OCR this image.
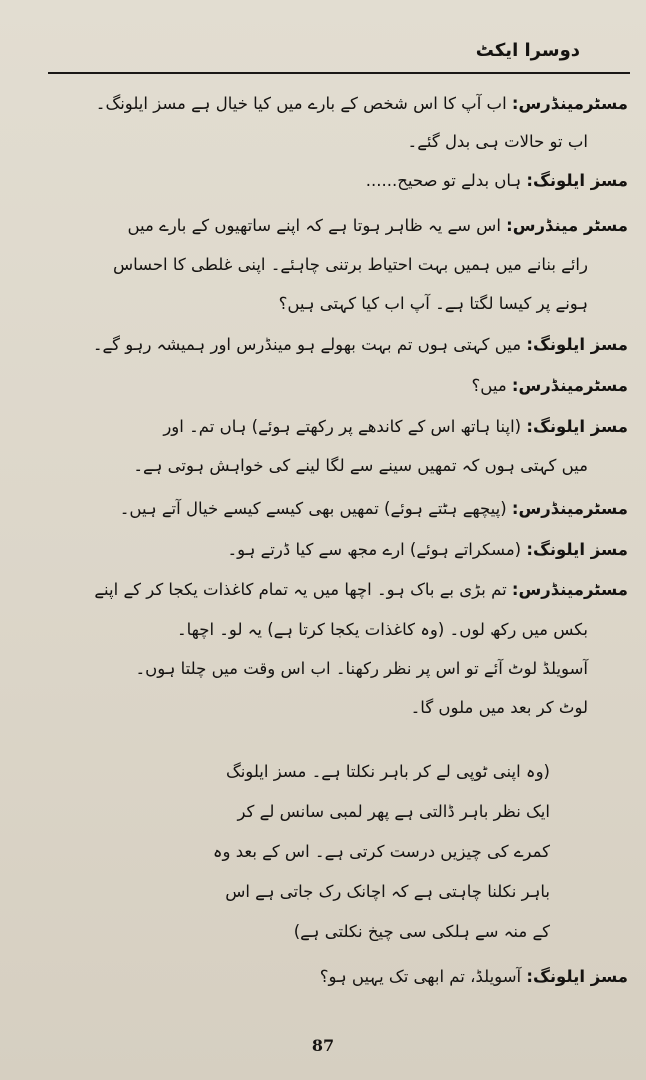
دوسرا ایکٹ
مسٹرمینڈرس: اب آپ کا اس شخص کے بارے میں کیا خیال ہے مسز ایلونگ۔
اب تو حالات ہی بدل گئے۔
مسز ایلونگ: ہاں بدلے تو صحیح......
مسٹر مینڈرس: اس سے یہ ظاہر ہوتا ہے کہ اپنے ساتھیوں کے بارے میں
رائے بنانے میں ہمیں بہت احتیاط برتنی چاہئے۔ اپنی غلطی کا احساس
ہونے پر کیسا لگتا ہے۔ آپ اب کیا کہتی ہیں؟
مسز ایلونگ: میں کہتی ہوں تم بہت بھولے ہو مینڈرس اور ہمیشہ رہو گے۔
مسٹرمینڈرس: میں؟
مسز ایلونگ: (اپنا ہاتھ اس کے کاندھے پر رکھتے ہوئے) ہاں تم۔ اور
میں کہتی ہوں کہ تمھیں سینے سے لگا لینے کی خواہش ہوتی ہے۔
مسٹرمینڈرس: (پیچھے ہٹتے ہوئے) تمھیں بھی کیسے کیسے خیال آتے ہیں۔
مسز ایلونگ: (مسکراتے ہوئے) ارے مجھ سے کیا ڈرتے ہو۔
مسٹرمینڈرس: تم بڑی بے باک ہو۔ اچھا میں یہ تمام کاغذات یکجا کر کے اپنے
بکس میں رکھ لوں۔ (وہ کاغذات یکجا کرتا ہے) یہ لو۔ اچھا۔
آسویلڈ لوٹ آئے تو اس پر نظر رکھنا۔ اب اس وقت میں چلتا ہوں۔
لوٹ کر بعد میں ملوں گا۔
(وہ اپنی ٹوپی لے کر باہر نکلتا ہے۔ مسز ایلونگ
ایک نظر باہر ڈالتی ہے پھر لمبی سانس لے کر
کمرے کی چیزیں درست کرتی ہے۔ اس کے بعد وہ
باہر نکلنا چاہتی ہے کہ اچانک رک جاتی ہے اس
کے منہ سے ہلکی سی چیخ نکلتی ہے)
مسز ایلونگ: آسویلڈ، تم ابھی تک یہیں ہو؟
87
